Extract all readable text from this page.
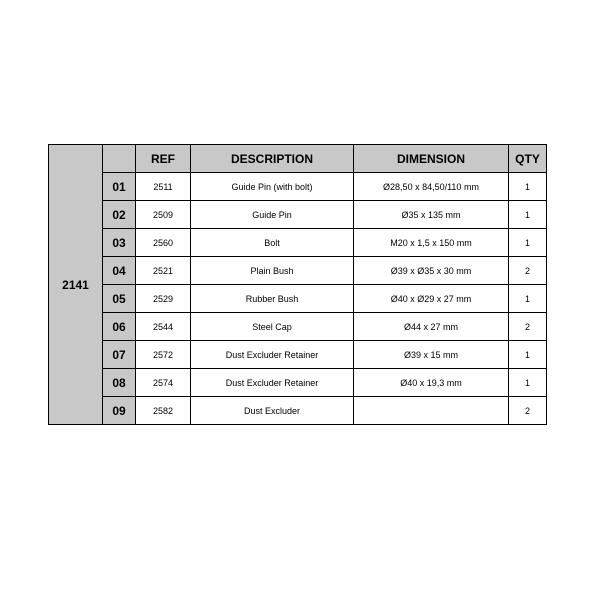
2141		REF	DESCRIPTION	DIMENSION	QTY
	01	2511	Guide Pin (with bolt)	Ø28,50 x 84,50/110 mm	1
	02	2509	Guide Pin	Ø35 x 135 mm	1
	03	2560	Bolt	M20 x 1,5 x 150 mm	1
	04	2521	Plain Bush	Ø39 x Ø35 x 30 mm	2
	05	2529	Rubber Bush	Ø40 x Ø29 x 27 mm	1
	06	2544	Steel Cap	Ø44 x 27 mm	2
	07	2572	Dust Excluder Retainer	Ø39 x 15 mm	1
	08	2574	Dust Excluder Retainer	Ø40 x 19,3 mm	1
	09	2582	Dust Excluder		2
